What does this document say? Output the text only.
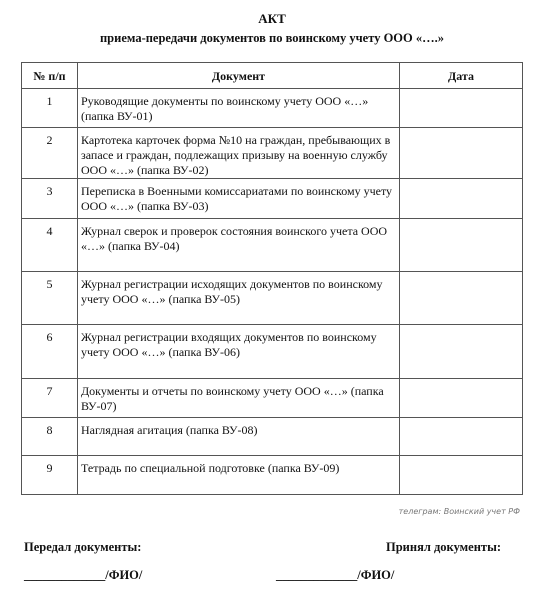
АКТ
приема-передачи документов по воинскому учету ООО «….»
№ п/п	Документ	Дата
1	Руководящие документы по воинскому учету ООО «…» (папка ВУ-01)	
2	Картотека карточек форма №10 на граждан, пребывающих в запасе и граждан, подлежащих призыву на военную службу ООО «…» (папка ВУ-02)	
3	Переписка в Военными комиссариатами по воинскому учету ООО «…» (папка ВУ-03)	
4	Журнал сверок и проверок состояния воинского учета ООО «…» (папка ВУ-04)	
5	Журнал регистрации исходящих документов по воинскому учету ООО «…» (папка ВУ-05)	
6	Журнал регистрации входящих документов по воинскому учету ООО «…» (папка ВУ-06)	
7	Документы и отчеты по воинскому учету ООО «…» (папка ВУ-07)	
8	Наглядная агитация (папка ВУ-08)	
9	Тетрадь по специальной подготовке (папка ВУ-09)	
телеграм: Воинский учет РФ
Передал документы:	Принял документы:
_____________/ФИО/	_____________/ФИО/
